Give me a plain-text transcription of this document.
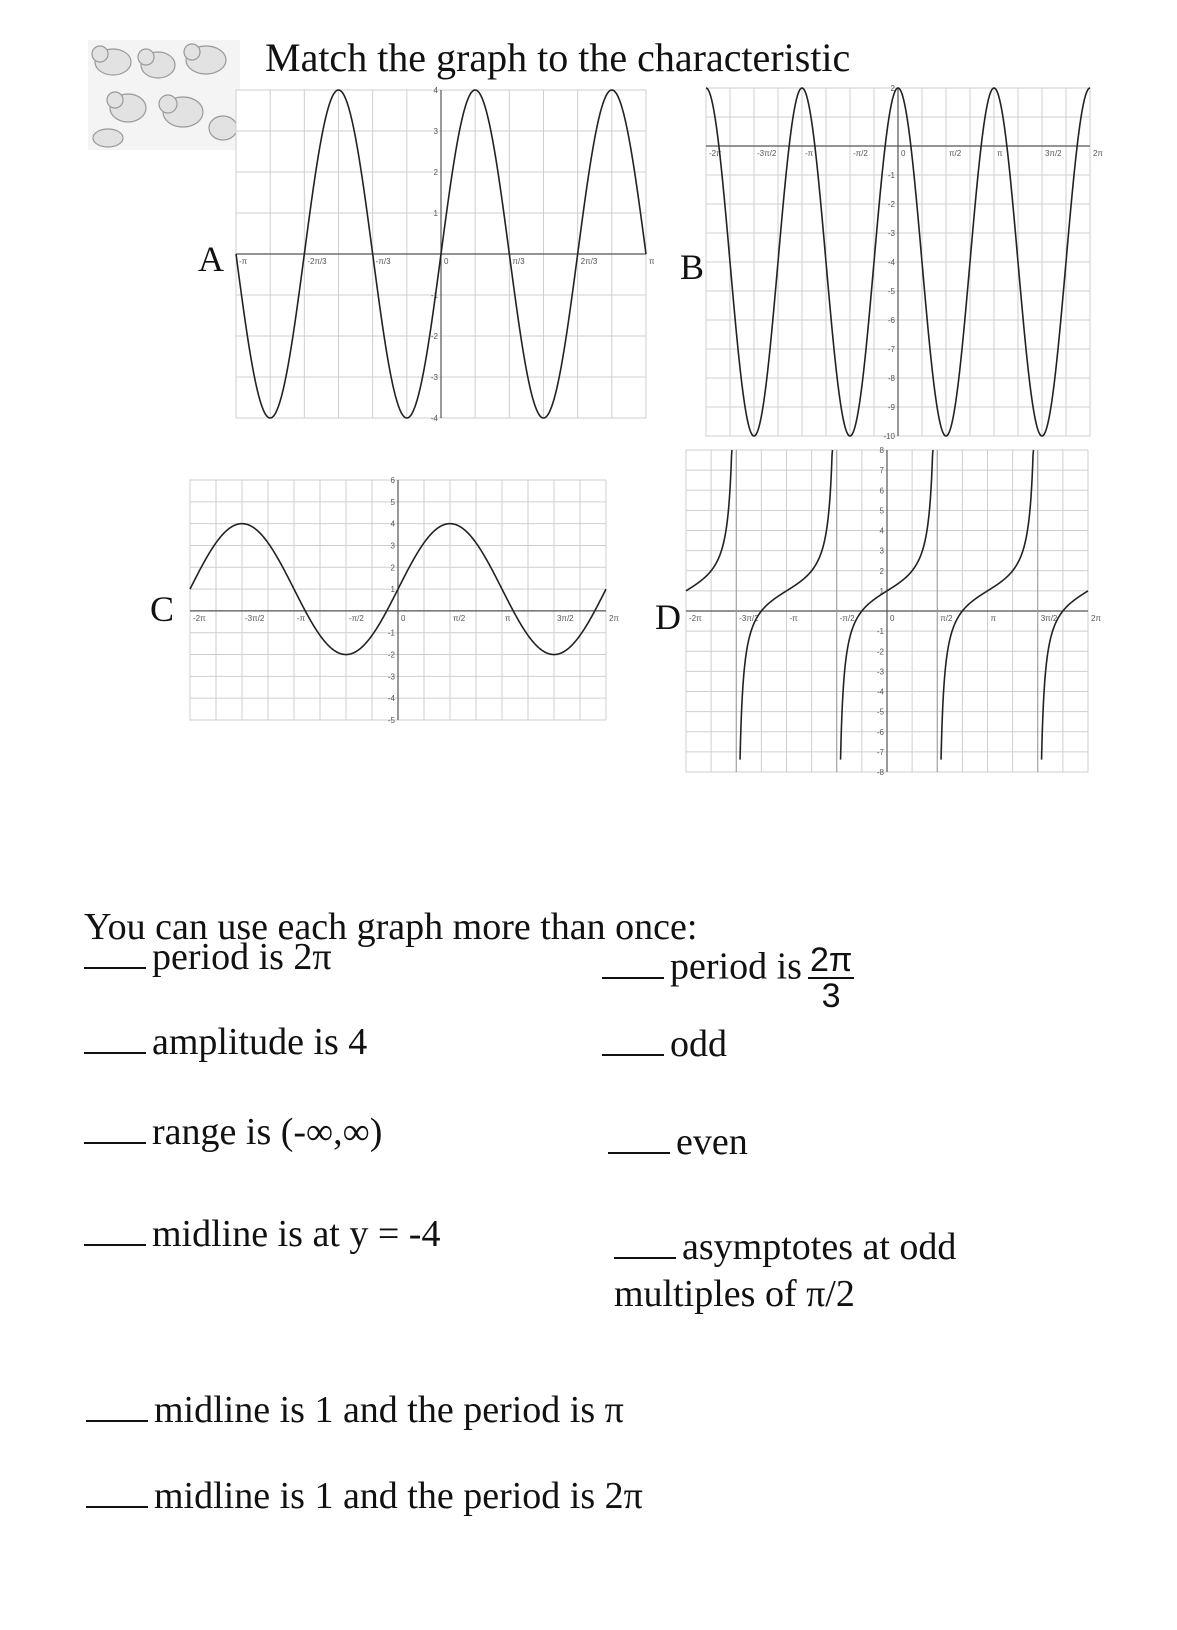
Match the graph to the characteristic
A	B
C	D
-π	-2π/3	-π/3	0	π/3	2π/3	π
4
3
2
1
-1
-2
-3
-4
-2π	-3π/2	-π	-π/2	0	π/2	π	3π/2	2π
2
-1
-2
-3
-4
-5
-6
-7
-8
-9
-10
-2π	-3π/2	-π	-π/2	0	π/2	π	3π/2	2π
6
5
4
3
2
1
-1
-2
-3
-4
-5
-2π	-3π/2	-π	-π/2	0	π/2	π	3π/2	2π
8
7
6
5
4
3
2
1
-1
-2
-3
-4
-5
-6
-7
-8
You can use each graph more than once:
period is 2π
amplitude is 4
range is (-∞,∞)
midline is at y = -4
period is $\frac{2\pi}{3}$
odd
even
asymptotes at odd
multiples of π/2
midline is 1 and the period is π
midline is 1 and the period is 2π
